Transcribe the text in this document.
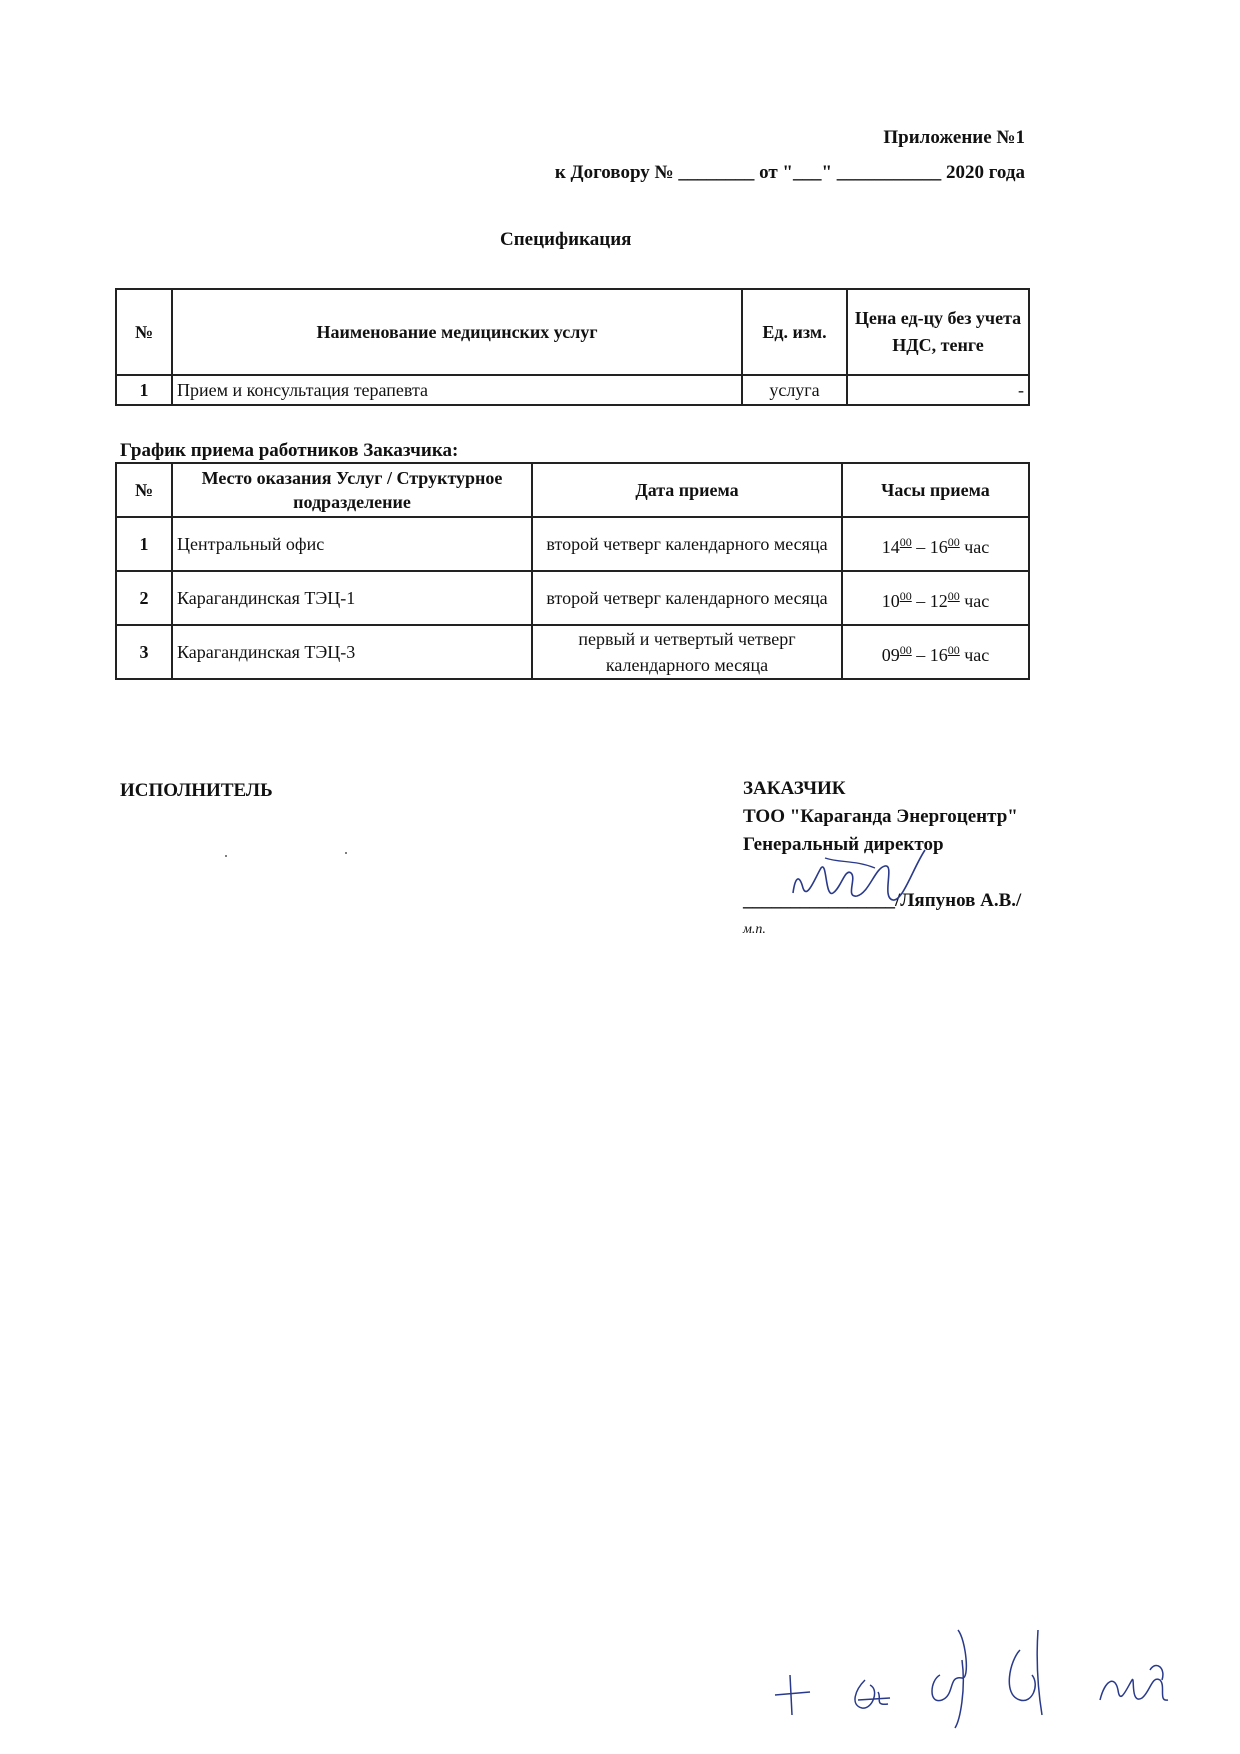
Приложение №1
к Договору № ________ от "___" ___________ 2020 года
Спецификация
№	Наименование медицинских услуг	Ед. изм.	Цена ед-цу без учета НДС, тенге
1	Прием и консультация терапевта	услуга	-
График приема работников Заказчика:
№	Место оказания Услуг / Структурное подразделение	Дата приема	Часы приема
1	Центральный офис	второй четверг календарного месяца	$14^{00} - 16^{00}$ час
2	Карагандинская ТЭЦ-1	второй четверг календарного месяца	$10^{00} - 12^{00}$ час
3	Карагандинская ТЭЦ-3	первый и четвертый четверг календарного месяца	$09^{00} - 16^{00}$ час
ИСПОЛНИТЕЛЬ	ЗАКАЗЧИК
ТОО "Караганда Энергоцентр"
Генеральный директор
________________/Ляпунов А.В./
м.п.
